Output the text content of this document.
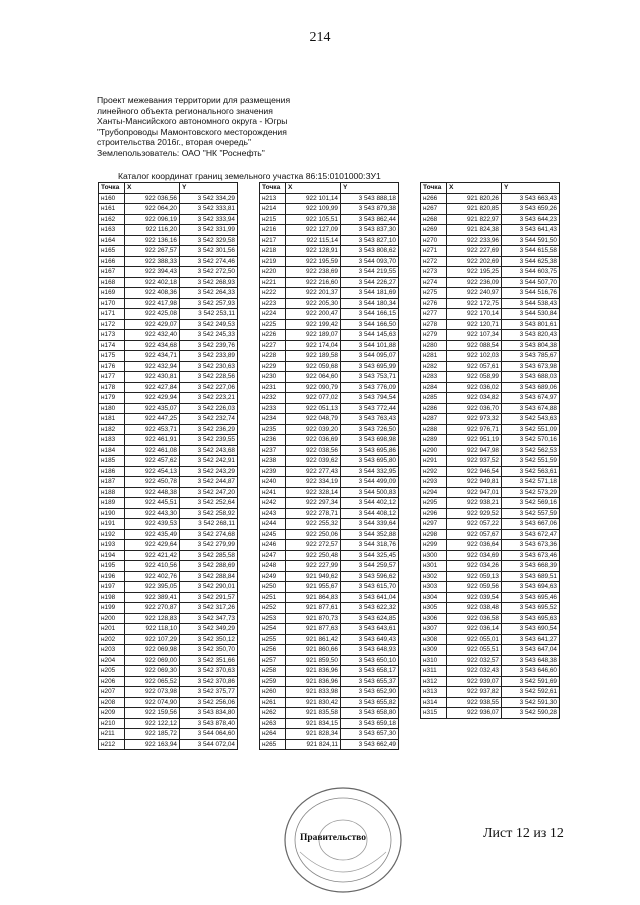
214
Проект межевания территории для размещения
линейного объекта регионального значения
Ханты-Мансийского автономного округа - Югры
"Трубопроводы Мамонтовского месторождения
строительства 2016г., вторая очередь"
Землепользователь: ОАО "НК "Роснефть"
Каталог координат границ земельного участка 86:15:0101000:ЗУ1
Точка	X	Y
н160	922 036,56	3 542 334,29
н161	922 064,20	3 542 333,81
н162	922 096,19	3 542 333,94
н163	922 116,20	3 542 331,99
н164	922 136,16	3 542 329,58
н165	922 267,57	3 542 301,56
н166	922 388,33	3 542 274,46
н167	922 394,43	3 542 272,50
н168	922 402,18	3 542 268,93
н169	922 408,36	3 542 264,33
н170	922 417,98	3 542 257,93
н171	922 425,08	3 542 253,11
н172	922 429,07	3 542 249,53
н173	922 432,40	3 542 245,33
н174	922 434,68	3 542 239,76
н175	922 434,71	3 542 233,89
н176	922 432,94	3 542 230,63
н177	922 430,81	3 542 228,56
н178	922 427,84	3 542 227,06
н179	922 429,94	3 542 223,21
н180	922 435,07	3 542 226,03
н181	922 447,25	3 542 232,74
н182	922 453,71	3 542 236,29
н183	922 461,91	3 542 239,55
н184	922 461,08	3 542 243,68
н185	922 457,62	3 542 242,91
н186	922 454,13	3 542 243,29
н187	922 450,78	3 542 244,87
н188	922 448,38	3 542 247,20
н189	922 445,51	3 542 252,64
н190	922 443,30	3 542 258,92
н191	922 439,53	3 542 268,11
н192	922 435,49	3 542 274,68
н193	922 429,64	3 542 279,99
н194	922 421,42	3 542 285,58
н195	922 410,56	3 542 288,69
н196	922 402,76	3 542 288,84
н197	922 395,05	3 542 290,01
н198	922 389,41	3 542 291,57
н199	922 270,87	3 542 317,26
н200	922 128,83	3 542 347,73
н201	922 118,10	3 542 349,29
н202	922 107,29	3 542 350,12
н203	922 069,98	3 542 350,70
н204	922 069,00	3 542 351,66
н205	922 069,30	3 542 370,63
н206	922 065,52	3 542 370,86
н207	922 073,98	3 542 375,77
н208	922 074,90	3 542 256,06
н209	922 159,56	3 543 834,80
н210	922 122,12	3 543 878,40
н211	922 185,72	3 544 064,60
н212	922 163,94	3 544 072,04
Точка	X	Y
н213	922 101,14	3 543 888,18
н214	922 109,99	3 543 879,38
н215	922 105,51	3 543 862,44
н216	922 127,09	3 543 837,30
н217	922 115,14	3 543 827,10
н218	922 128,91	3 543 808,62
н219	922 195,59	3 544 093,70
н220	922 238,69	3 544 219,55
н221	922 216,60	3 544 226,27
н222	922 201,37	3 544 181,69
н223	922 205,30	3 544 180,34
н224	922 200,47	3 544 166,15
н225	922 199,42	3 544 166,50
н226	922 189,07	3 544 145,63
н227	922 174,04	3 544 101,88
н228	922 189,58	3 544 095,07
н229	922 059,68	3 543 695,99
н230	922 064,60	3 543 753,71
н231	922 090,79	3 543 776,09
н232	922 077,02	3 543 794,54
н233	922 051,13	3 543 772,44
н234	922 048,79	3 543 763,43
н235	922 039,20	3 543 726,50
н236	922 036,69	3 543 698,98
н237	922 038,56	3 543 695,86
н238	922 039,62	3 543 695,80
н239	922 277,43	3 544 332,95
н240	922 334,19	3 544 499,09
н241	922 328,14	3 544 500,83
н242	922 297,34	3 544 402,12
н243	922 278,71	3 544 408,12
н244	922 255,32	3 544 339,64
н245	922 250,06	3 544 352,88
н246	922 272,57	3 544 318,76
н247	922 250,48	3 544 325,45
н248	922 227,99	3 544 259,57
н249	921 949,62	3 543 596,62
н250	921 955,67	3 543 615,70
н251	921 864,83	3 543 641,04
н252	921 877,61	3 543 622,32
н253	921 870,73	3 543 624,85
н254	921 877,63	3 543 643,61
н255	921 861,42	3 543 649,43
н256	921 860,66	3 543 648,93
н257	921 859,50	3 543 650,10
н258	921 836,96	3 543 658,17
н259	921 836,96	3 543 655,37
н260	921 833,98	3 543 652,90
н261	921 830,42	3 543 655,82
н262	921 835,58	3 543 658,80
н263	921 834,15	3 543 659,18
н264	921 828,34	3 543 657,30
н265	921 824,11	3 543 662,49
Точка	X	Y
н266	921 820,26	3 543 663,43
н267	921 820,85	3 543 659,26
н268	921 822,97	3 543 644,23
н269	921 824,38	3 543 641,43
н270	922 233,96	3 544 591,50
н271	922 227,69	3 544 615,58
н272	922 202,69	3 544 625,38
н273	922 195,25	3 544 603,75
н274	922 236,09	3 544 507,70
н275	922 240,97	3 544 516,76
н276	922 172,75	3 544 538,43
н277	922 170,14	3 544 530,84
н278	922 120,71	3 543 801,61
н279	922 107,34	3 543 820,43
н280	922 088,54	3 543 804,38
н281	922 102,03	3 543 785,67
н282	922 057,61	3 543 673,98
н283	922 058,99	3 543 688,03
н284	922 036,02	3 543 689,06
н285	922 034,82	3 543 674,97
н286	922 036,70	3 543 674,88
н287	922 973,32	3 542 543,63
н288	922 976,71	3 542 551,09
н289	922 951,19	3 542 570,16
н290	922 947,98	3 542 562,53
н291	922 937,52	3 542 551,59
н292	922 946,54	3 542 563,61
н293	922 949,81	3 542 571,18
н294	922 947,01	3 542 573,29
н295	922 938,21	3 542 569,16
н296	922 929,52	3 542 557,59
н297	922 057,22	3 543 667,06
н298	922 057,67	3 543 672,47
н299	922 036,64	3 543 673,36
н300	922 034,69	3 543 673,46
н301	922 034,26	3 543 668,39
н302	922 059,13	3 543 689,51
н303	922 059,56	3 543 694,63
н304	922 039,54	3 543 695,46
н305	922 038,48	3 543 695,52
н306	922 036,58	3 543 695,63
н307	922 036,14	3 543 690,54
н308	922 055,01	3 543 641,27
н309	922 055,51	3 543 647,04
н310	922 032,57	3 543 648,38
н311	922 032,43	3 543 646,60
н312	922 939,07	3 542 591,69
н313	922 937,82	3 542 592,61
н314	922 938,55	3 542 591,30
н315	922 936,07	3 542 590,28
Правительство	Лист 12 из 12
